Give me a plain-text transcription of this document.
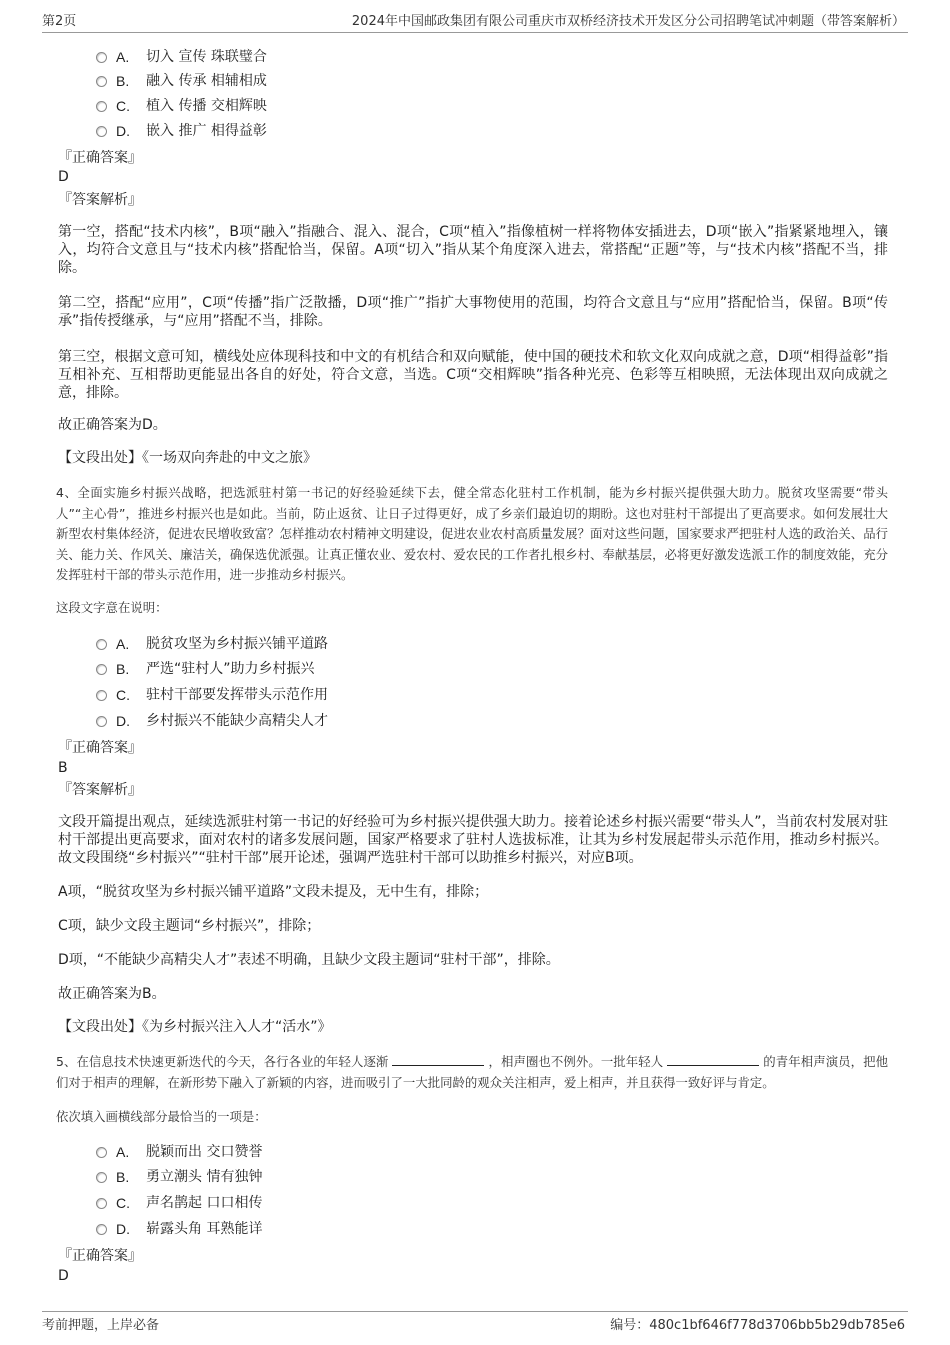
第2页	2024年中国邮政集团有限公司重庆市双桥经济技术开发区分公司招聘笔试冲刺题（带答案解析）
A.	切入 宣传 珠联璧合
B.	融入 传承 相辅相成
C.	植入 传播 交相辉映
D.	嵌入 推广 相得益彰
『正确答案』
D
『答案解析』
第一空，搭配“技术内核”，B项“融入”指融合、混入、混合，C项“植入”指像植树一样将物体安插进去，D项“嵌入”指紧紧地埋入，镶入，均符合文意且与“技术内核”搭配恰当，保留。A项“切入”指从某个角度深入进去，常搭配“正题”等，与“技术内核”搭配不当，排除。
第二空，搭配“应用”，C项“传播”指广泛散播，D项“推广”指扩大事物使用的范围，均符合文意且与“应用”搭配恰当，保留。B项“传承”指传授继承，与“应用”搭配不当，排除。
第三空，根据文意可知，横线处应体现科技和中文的有机结合和双向赋能，使中国的硬技术和软文化双向成就之意，D项“相得益彰”指互相补充、互相帮助更能显出各自的好处，符合文意，当选。C项“交相辉映”指各种光亮、色彩等互相映照，无法体现出双向成就之意，排除。
故正确答案为D。
【文段出处】《一场双向奔赴的中文之旅》
4、全面实施乡村振兴战略，把选派驻村第一书记的好经验延续下去，健全常态化驻村工作机制，能为乡村振兴提供强大助力。脱贫攻坚需要“带头人”“主心骨”，推进乡村振兴也是如此。当前，防止返贫、让日子过得更好，成了乡亲们最迫切的期盼。这也对驻村干部提出了更高要求。如何发展壮大新型农村集体经济，促进农民增收致富？怎样推动农村精神文明建设，促进农业农村高质量发展？面对这些问题，国家要求严把驻村人选的政治关、品行关、能力关、作风关、廉洁关，确保选优派强。让真正懂农业、爱农村、爱农民的工作者扎根乡村、奉献基层，必将更好激发选派工作的制度效能，充分发挥驻村干部的带头示范作用，进一步推动乡村振兴。
这段文字意在说明：
A.	脱贫攻坚为乡村振兴铺平道路
B.	严选“驻村人”助力乡村振兴
C.	驻村干部要发挥带头示范作用
D.	乡村振兴不能缺少高精尖人才
『正确答案』
B
『答案解析』
文段开篇提出观点，延续选派驻村第一书记的好经验可为乡村振兴提供强大助力。接着论述乡村振兴需要“带头人”，当前农村发展对驻村干部提出更高要求，面对农村的诸多发展问题，国家严格要求了驻村人选拔标准，让其为乡村发展起带头示范作用，推动乡村振兴。故文段围绕“乡村振兴”“驻村干部”展开论述，强调严选驻村干部可以助推乡村振兴，对应B项。
A项，“脱贫攻坚为乡村振兴铺平道路”文段未提及，无中生有，排除；
C项，缺少文段主题词“乡村振兴”，排除；
D项，“不能缺少高精尖人才”表述不明确，且缺少文段主题词“驻村干部”，排除。
故正确答案为B。
【文段出处】《为乡村振兴注入人才“活水”》
5、在信息技术快速更新迭代的今天，各行各业的年轻人逐渐	，相声圈也不例外。一批年轻人	的青年相声演员，把他们对于相声的理解，在新形势下融入了新颖的内容，进而吸引了一大批同龄的观众关注相声，爱上相声，并且获得一致好评与肯定。
依次填入画横线部分最恰当的一项是：
A.	脱颖而出 交口赞誉
B.	勇立潮头 情有独钟
C.	声名鹊起 口口相传
D.	崭露头角 耳熟能详
『正确答案』
D
考前押题，上岸必备	编号：480c1bf646f778d3706bb5b29db785e6
